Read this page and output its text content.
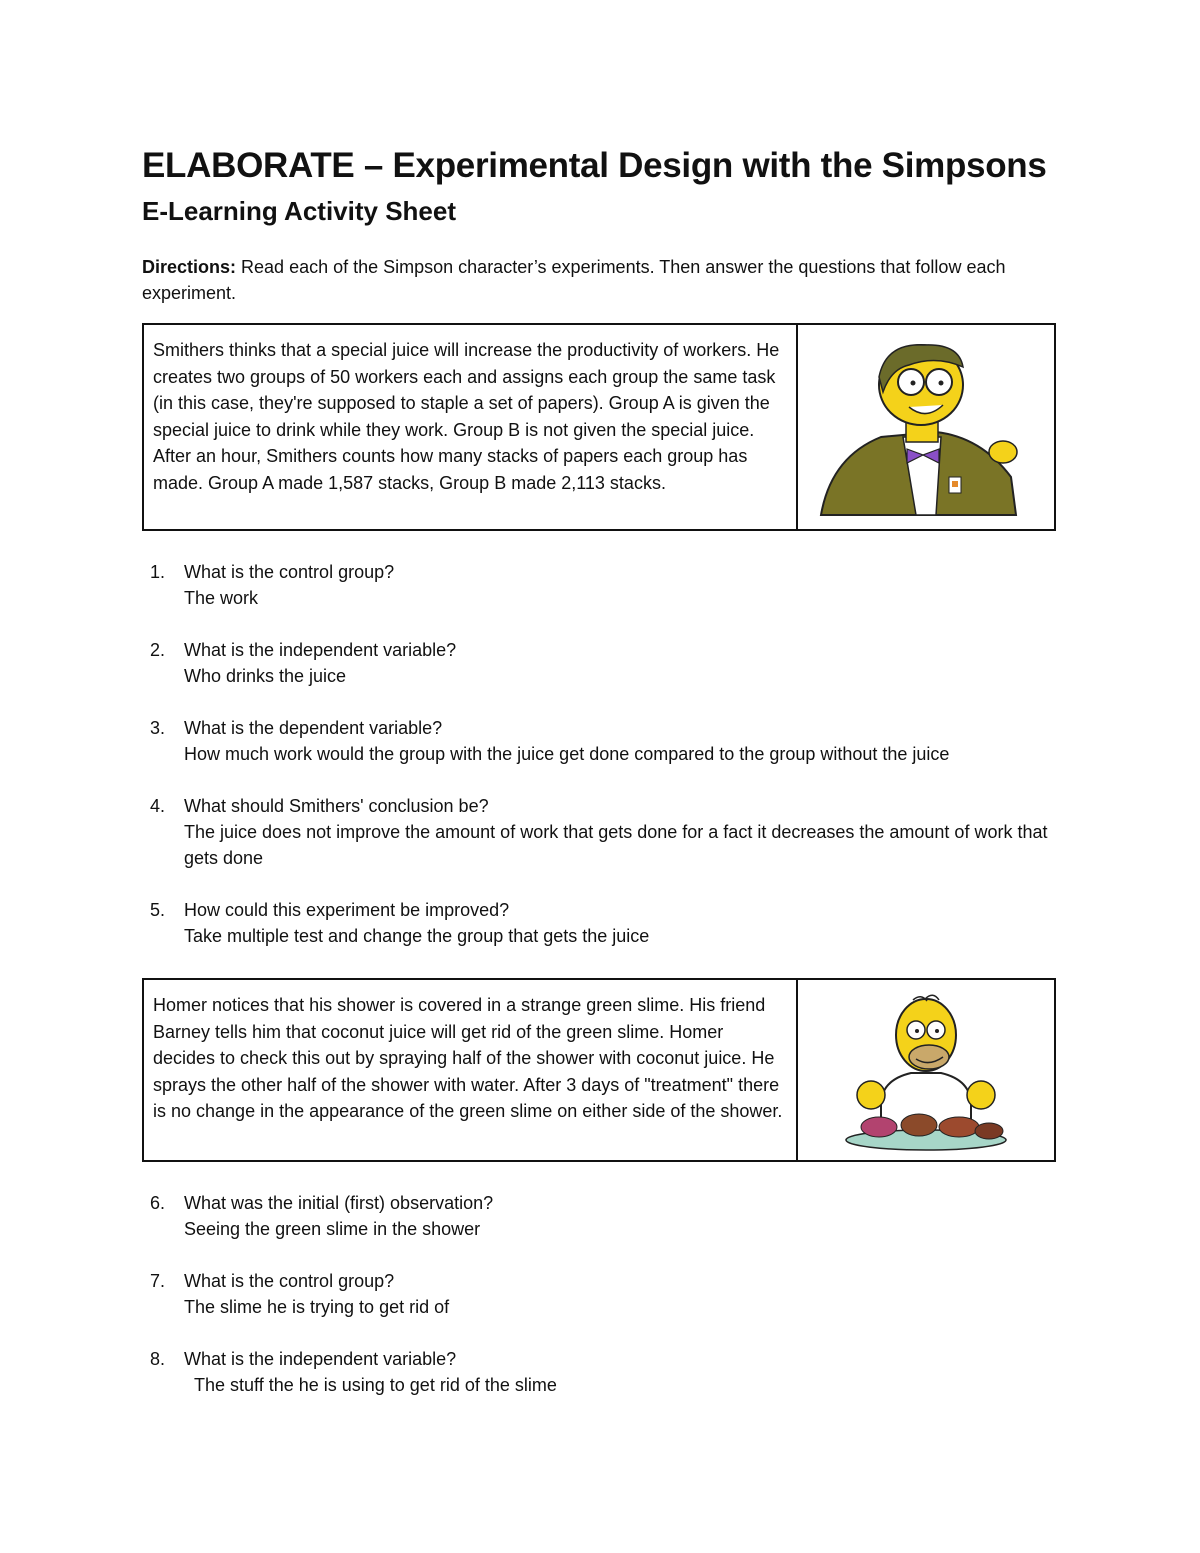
ELABORATE – Experimental Design with the Simpsons
E-Learning Activity Sheet

Directions: Read each of the Simpson character’s experiments. Then answer the questions that follow each experiment.

Smithers thinks that a special juice will increase the productivity of workers. He creates two groups of 50 workers each and assigns each group the same task (in this case, they're supposed to staple a set of papers). Group A is given the special juice to drink while they work. Group B is not given the special juice. After an hour, Smithers counts how many stacks of papers each group has made. Group A made 1,587 stacks, Group B made 2,113 stacks.
1.	What is the control group?
The work
2.	What is the independent variable?
Who drinks the juice
3.	What is the dependent variable?
How much work would the group with the juice get done compared to the group without the juice
4.	What should Smithers' conclusion be?
The juice does not improve the amount of work that gets done for a fact it decreases the amount of work that gets done
5.	How could this experiment be improved?
Take multiple test and change the group that gets the juice
Homer notices that his shower is covered in a strange green slime. His friend Barney tells him that coconut juice will get rid of the green slime. Homer decides to check this out by spraying half of the shower with coconut juice. He sprays the other half of the shower with water. After 3 days of "treatment" there is no change in the appearance of the green slime on either side of the shower.
6.	What was the initial (first) observation?
Seeing the green slime in the shower
7.	What is the control group?
The slime he is trying to get rid of
8.	What is the independent variable?
The stuff the he is using to get rid of the slime
